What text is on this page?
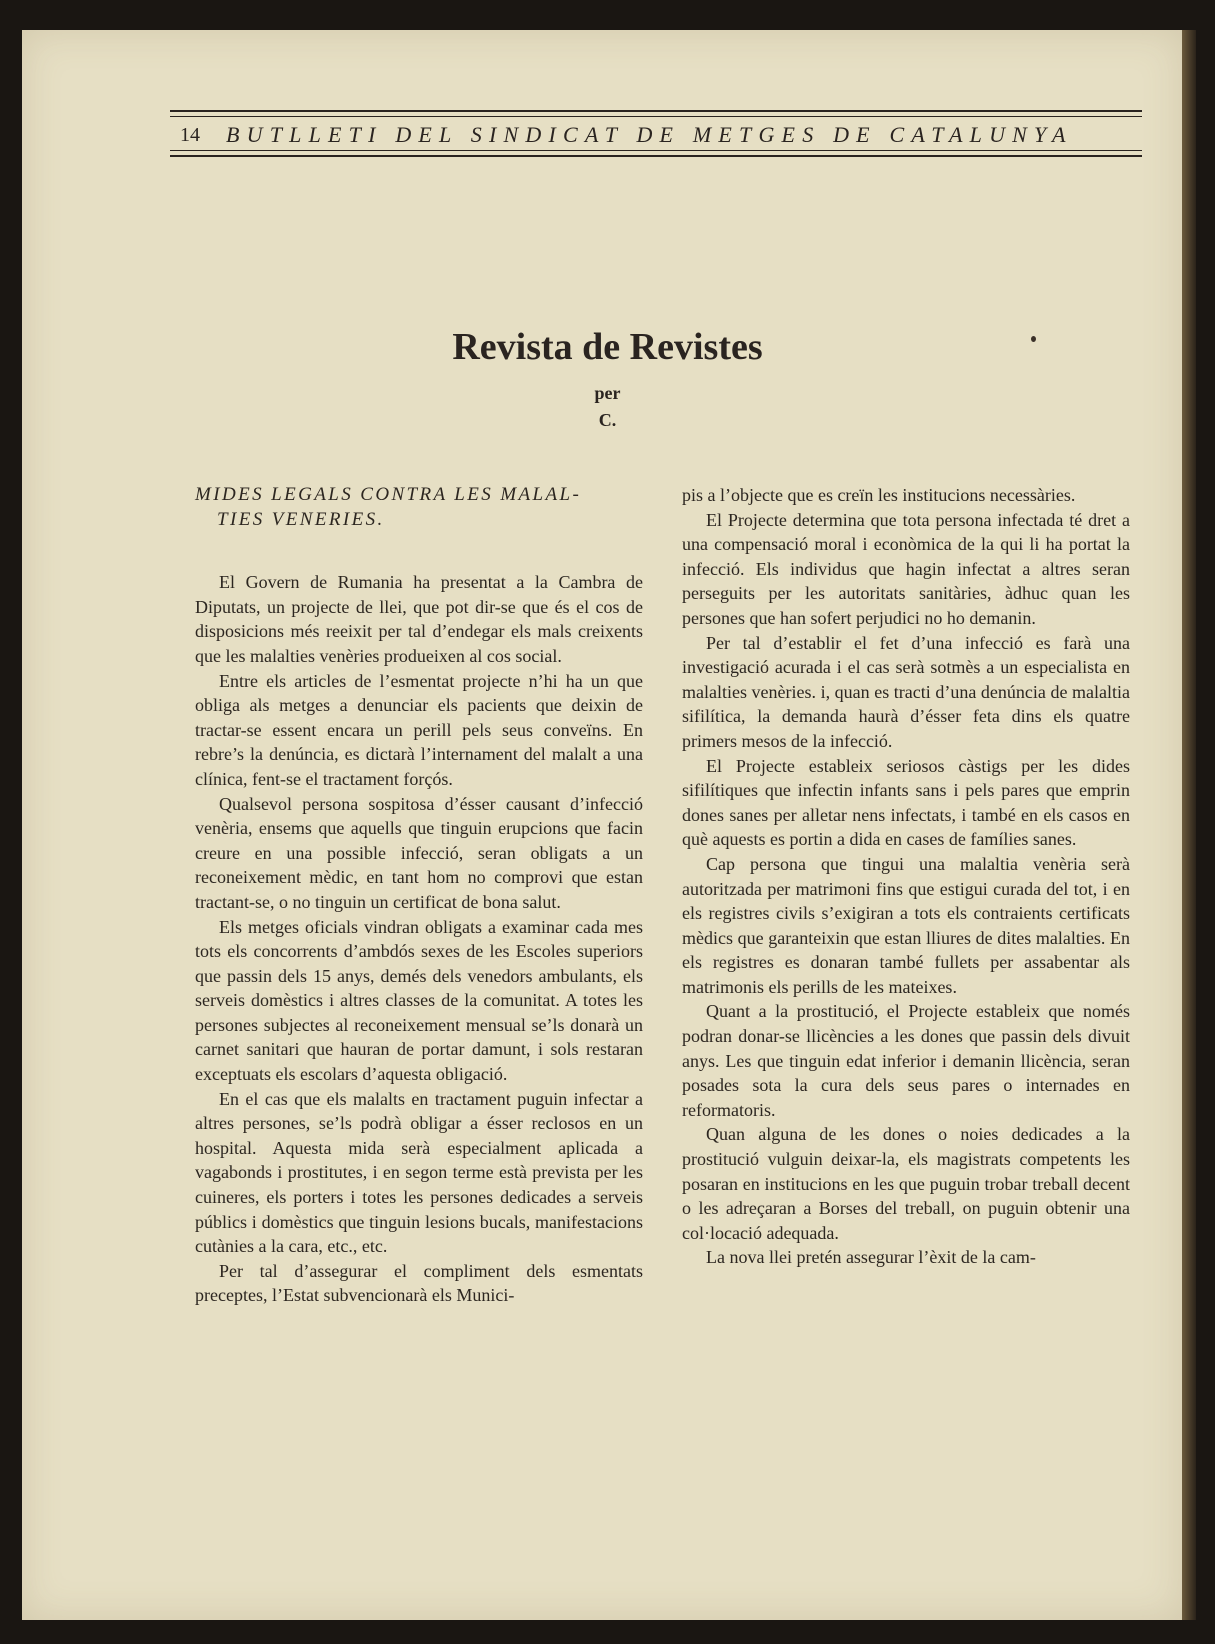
14 BUTLLETI DEL SINDICAT DE METGES DE CATALUNYA
Revista de Revistes
per
C.
MIDES LEGALS CONTRA LES MALAL-
TIES VENERIES.

El Govern de Rumania ha presentat a la Cambra de Diputats, un projecte de llei, que pot dir-se que és el cos de disposicions més reeixit per tal d’endegar els mals creixents que les malalties venèries produeixen al cos social.

Entre els articles de l’esmentat projecte n’hi ha un que obliga als metges a denunciar els pacients que deixin de tractar-se essent encara un perill pels seus conveïns. En rebre’s la denúncia, es dictarà l’internament del malalt a una clínica, fent-se el tractament forçós.

Qualsevol persona sospitosa d’ésser causant d’infecció venèria, ensems que aquells que tinguin erupcions que facin creure en una possible infecció, seran obligats a un reconeixement mèdic, en tant hom no comprovi que estan tractant-se, o no tinguin un certificat de bona salut.

Els metges oficials vindran obligats a examinar cada mes tots els concorrents d’ambdós sexes de les Escoles superiors que passin dels 15 anys, demés dels venedors ambulants, els serveis domèstics i altres classes de la comunitat. A totes les persones subjectes al reconeixement mensual se’ls donarà un carnet sanitari que hauran de portar damunt, i sols restaran exceptuats els escolars d’aquesta obligació.

En el cas que els malalts en tractament puguin infectar a altres persones, se’ls podrà obligar a ésser reclosos en un hospital. Aquesta mida serà especialment aplicada a vagabonds i prostitutes, i en segon terme està prevista per les cuineres, els porters i totes les persones dedicades a serveis públics i domèstics que tinguin lesions bucals, manifestacions cutànies a la cara, etc., etc.

Per tal d’assegurar el compliment dels esmentats preceptes, l’Estat subvencionarà els Munici-

pis a l’objecte que es creïn les institucions necessàries.

El Projecte determina que tota persona infectada té dret a una compensació moral i econòmica de la qui li ha portat la infecció. Els individus que hagin infectat a altres seran perseguits per les autoritats sanitàries, àdhuc quan les persones que han sofert perjudici no ho demanin.

Per tal d’establir el fet d’una infecció es farà una investigació acurada i el cas serà sotmès a un especialista en malalties venèries. i, quan es tracti d’una denúncia de malaltia sifilítica, la demanda haurà d’ésser feta dins els quatre primers mesos de la infecció.

El Projecte estableix seriosos càstigs per les dides sifilítiques que infectin infants sans i pels pares que emprin dones sanes per alletar nens infectats, i també en els casos en què aquests es portin a dida en cases de famílies sanes.

Cap persona que tingui una malaltia venèria serà autoritzada per matrimoni fins que estigui curada del tot, i en els registres civils s’exigiran a tots els contraients certificats mèdics que garanteixin que estan lliures de dites malalties. En els registres es donaran també fullets per assabentar als matrimonis els perills de les mateixes.

Quant a la prostitució, el Projecte estableix que només podran donar-se llicències a les dones que passin dels divuit anys. Les que tinguin edat inferior i demanin llicència, seran posades sota la cura dels seus pares o internades en reformatoris.

Quan alguna de les dones o noies dedicades a la prostitució vulguin deixar-la, els magistrats competents les posaran en institucions en les que puguin trobar treball decent o les adreçaran a Borses del treball, on puguin obtenir una col·locació adequada.

La nova llei pretén assegurar l’èxit de la cam-
